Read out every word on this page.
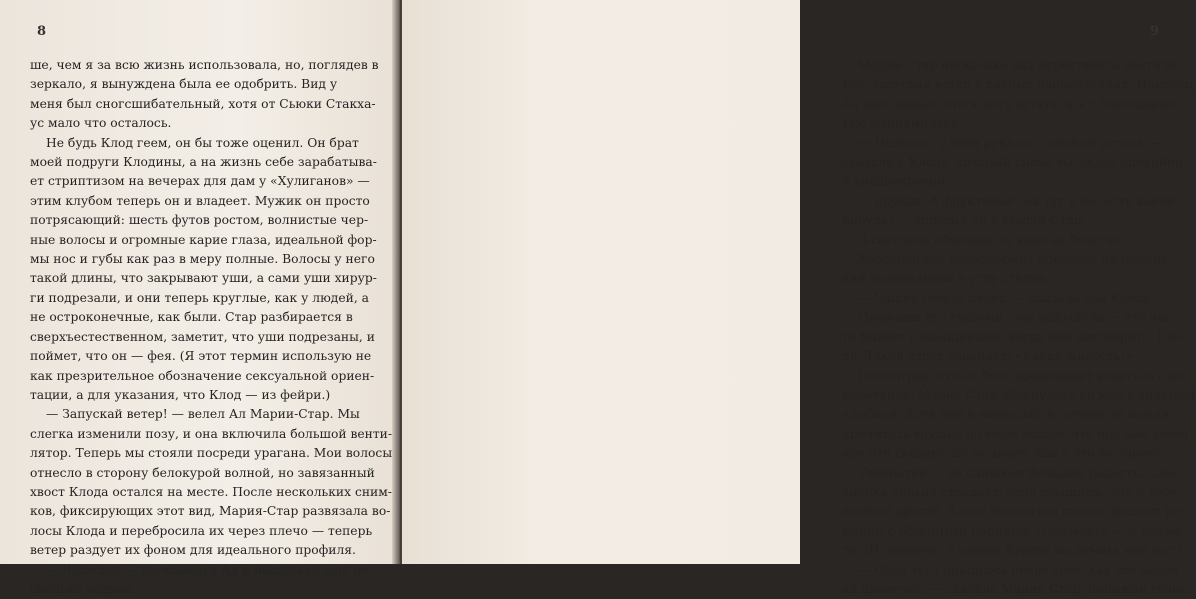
8
ше, чем я за всю жизнь использовала, но, поглядев в
зеркало, я вынуждена была ее одобрить. Вид у
меня был сногсшибательный, хотя от Сьюки Стакха-
ус мало что осталось.
Не будь Клод геем, он бы тоже оценил. Он брат
моей подруги Клодины, а на жизнь себе зарабатыва-
ет стриптизом на вечерах для дам у «Хулиганов» —
этим клубом теперь он и владеет. Мужик он просто
потрясающий: шесть футов ростом, волнистые чер-
ные волосы и огромные карие глаза, идеальной фор-
мы нос и губы как раз в меру полные. Волосы у него
такой длины, что закрывают уши, а сами уши хирур-
ги подрезали, и они теперь круглые, как у людей, а
не остроконечные, как были. Стар разбирается в
сверхъестественном, заметит, что уши подрезаны, и
поймет, что он — фея. (Я этот термин использую не
как презрительное обозначение сексуальной ориен-
тации, а для указания, что Клод — из фейри.)
— Запускай ветер! — велел Ал Марии-Стар. Мы
слегка изменили позу, и она включила большой венти-
лятор. Теперь мы стояли посреди урагана. Мои волосы
отнесло в сторону белокурой волной, но завязанный
хвост Клода остался на месте. После нескольких сним-
ков, фиксирующих этот вид, Мария-Стар развязала во-
лосы Клода и перебросила их через плечо — теперь
ветер раздует их фоном для идеального профиля.
— Чудесно! — воскликнул Ал и нащелкал еще не-
сколько кадров.
9
Мария-Стар несколько раз переставила вентиля-
тор, запуская ветер в разных направлениях. Наконец
Ал мне сказал, что я могу встать, и я с благодарнос-
тью выпрямилась.
— Надеюсь, у тебя рука не слишком устала, —
сказала я Клоду, который снова выглядел спокойно
и хладнокровно.
— Ерунда. А фруктовый сок тут у вас есть какой-
нибудь? — спросил он у Марии-Стар.
В светском общении он явно не блистал.
Хорошенькая вервольфица показала на малень-
кий холодильник в углу студии.
— Чашки сверху стоят, — сказала она Клоду.
Проводив его глазами, она вздохнула — это час-
то бывает с женщинами, когда они поговорят с Кло-
ди. Такой вздох означает: «Какая жалость!»
Посмотрев, что ее босс продолжает возиться с ап-
паратурой, Мария-Стар обернулась ко мне с силящей
улыбкой. Хотя она и вервольф, а потому ее мысли
прочитать трудно, до меня дошло, что она мне хочет
кое-что сказать, но не знает, как я это восприму.
Телепатия — не слишком большая радость. Само-
оценка сильно страдает, если слышишь, что о тебе
думают другие. А еще телепатия сильно мешает ро-
манам с обычными парнями. Полумайте — и поймё-
те. (И помните: я узнаю, будете вы думать или нет.)
— Олси туго пришлось после того, как его папоч-
ка проиграл, — сказала Мария-Стар, понижая голос.
